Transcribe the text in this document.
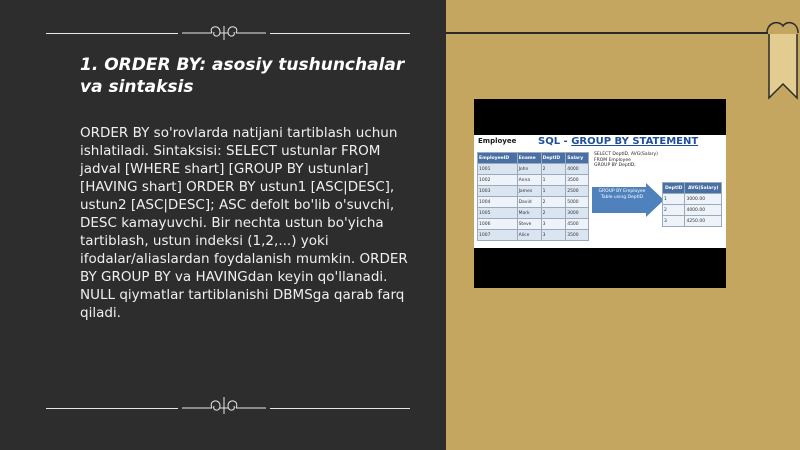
1. ORDER BY: asosiy tushunchalar va sintaksis

ORDER BY so'rovlarda natijani tartiblash uchun ishlatiladi. Sintaksisi: SELECT ustunlar FROM jadval [WHERE shart] [GROUP BY ustunlar] [HAVING shart] ORDER BY ustun1 [ASC|DESC], ustun2 [ASC|DESC]; ASC defolt bo'lib o'suvchi, DESC kamayuvchi. Bir nechta ustun bo'yicha tartiblash, ustun indeksi (1,2,...) yoki ifodalar/aliaslardan foydalanish mumkin. ORDER BY GROUP BY va HAVINGdan keyin qo'llanadi. NULL qiymatlar tartiblanishi DBMSga qarab farq qiladi.

Employee SQL - GROUP BY STATEMENT
SELECT DeptID, AVG(Salary)
FROM Employee
GROUP BY DeptID;
EmployeeID	Ename	DeptID	Salary
1001	John	2	4000
1002	Anna	1	3500
1003	James	1	2500
1004	David	2	5000
1005	Mark	2	3000
1006	Steve	3	4500
1007	Alice	3	3500
GROUP BY Employee Table using DeptID
DeptID	AVG(Salary)
1	3000.00
2	4000.00
3	4250.00
